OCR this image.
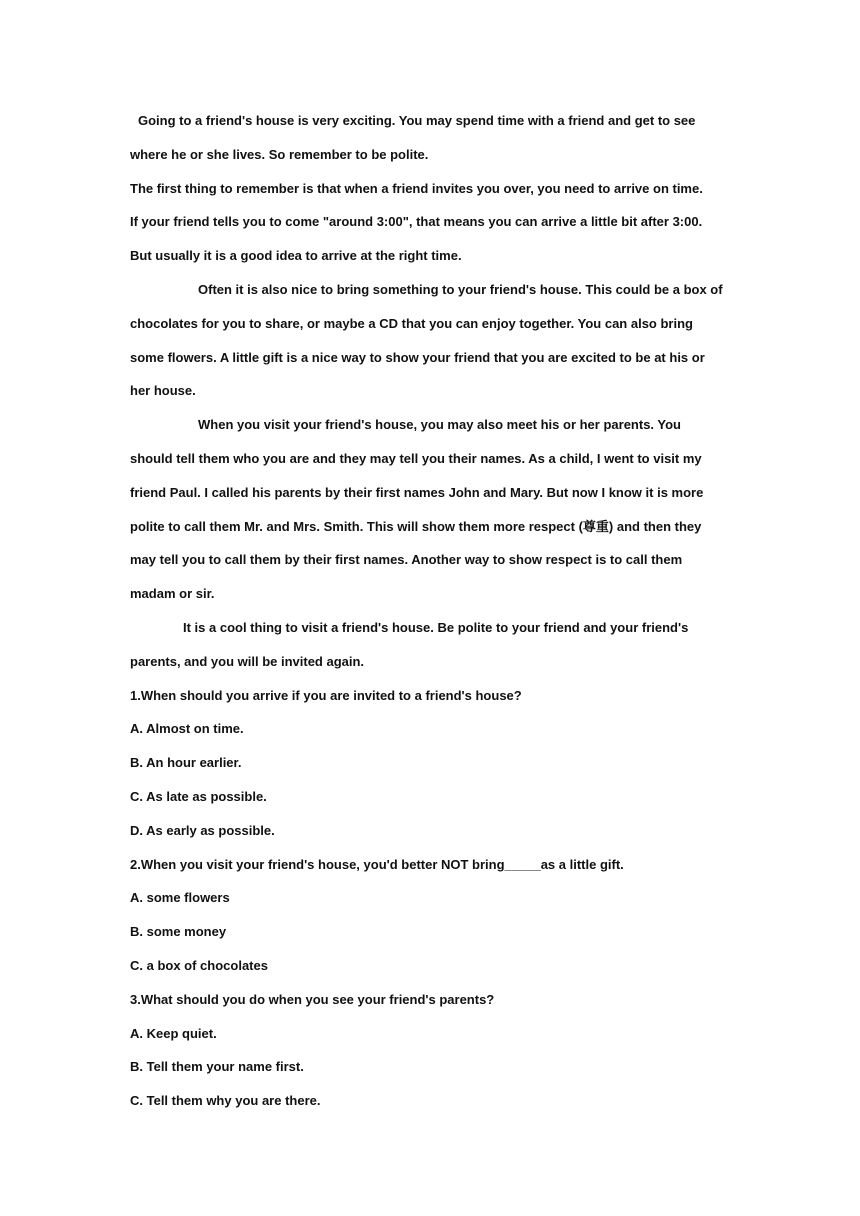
Going to a friend's house is very exciting. You may spend time with a friend and get to see
where he or she lives. So remember to be polite.
The first thing to remember is that when a friend invites you over, you need to arrive on time.
If your friend tells you to come "around 3:00", that means you can arrive a little bit after 3:00.
But usually it is a good idea to arrive at the right time.
Often it is also nice to bring something to your friend's house. This could be a box of
chocolates for you to share, or maybe a CD that you can enjoy together. You can also bring
some flowers. A little gift is a nice way to show your friend that you are excited to be at his or
her house.
When you visit your friend's house, you may also meet his or her parents. You
should tell them who you are and they may tell you their names. As a child, I went to visit my
friend Paul. I called his parents by their first names John and Mary. But now I know it is more
polite to call them Mr. and Mrs. Smith. This will show them more respect (尊重) and then they
may tell you to call them by their first names. Another way to show respect is to call them
madam or sir.
It is a cool thing to visit a friend's house. Be polite to your friend and your friend's
parents, and you will be invited again.
1.When should you arrive if you are invited to a friend's house?
A. Almost on time.
B. An hour earlier.
C. As late as possible.
D. As early as possible.
2.When you visit your friend's house, you'd better NOT bring_____as a little gift.
A. some flowers
B. some money
C. a box of chocolates
3.What should you do when you see your friend's parents?
A. Keep quiet.
B. Tell them your name first.
C. Tell them why you are there.
